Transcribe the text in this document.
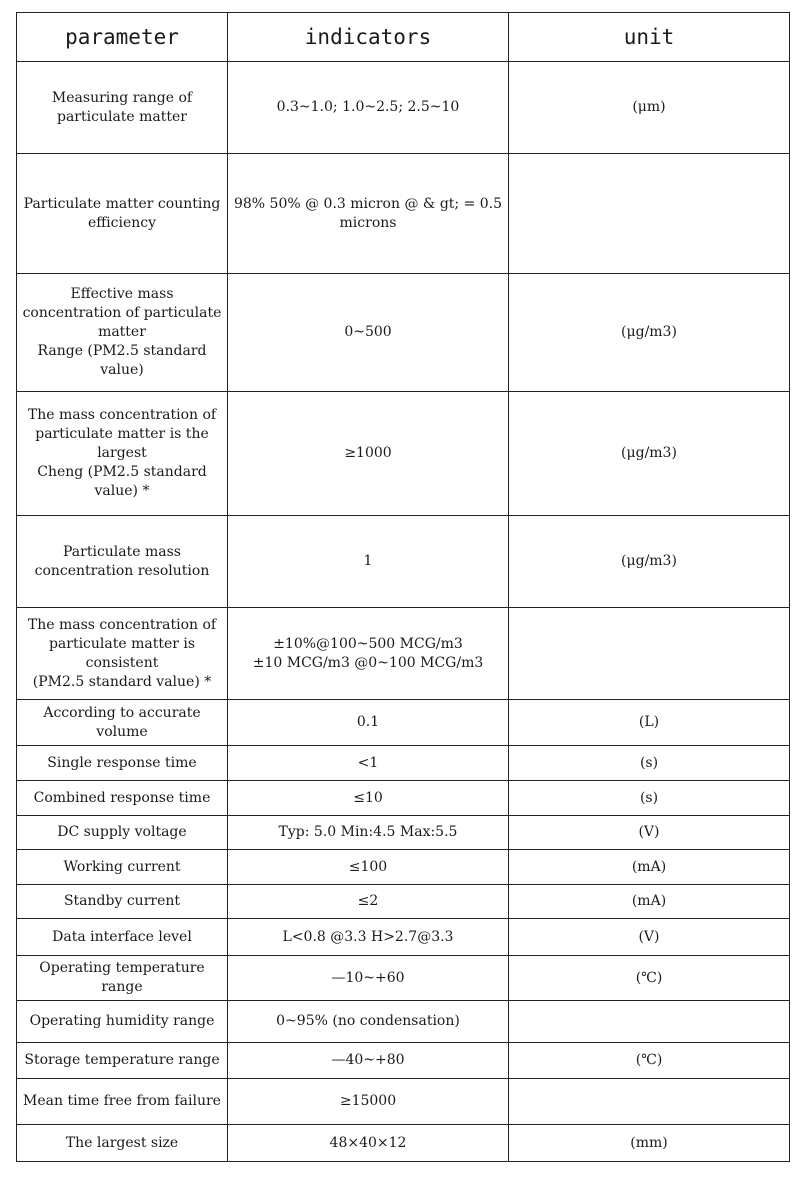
parameter	indicators	unit
Measuring range of particulate matter	0.3~1.0; 1.0~2.5; 2.5~10	(μm)
Particulate matter counting efficiency	98% 50% @ 0.3 micron @ & gt; = 0.5 microns	
Effective mass concentration of particulate matter
Range (PM2.5 standard value)	0~500	(μg/m3)
The mass concentration of particulate matter is the largest
Cheng (PM2.5 standard value) *	≥1000	(μg/m3)
Particulate mass concentration resolution	1	(μg/m3)
The mass concentration of particulate matter is consistent
(PM2.5 standard value) *	±10%@100~500 MCG/m3
±10 MCG/m3 @0~100 MCG/m3	
According to accurate volume	0.1	(L)
Single response time	<1	(s)
Combined response time	≤10	(s)
DC supply voltage	Typ: 5.0 Min:4.5 Max:5.5	(V)
Working current	≤100	(mA)
Standby current	≤2	(mA)
Data interface level	L<0.8 @3.3 H>2.7@3.3	(V)
Operating temperature range	—10~+60	(℃)
Operating humidity range	0~95% (no condensation)	
Storage temperature range	—40~+80	(℃)
Mean time free from failure	≥15000	
The largest size	48×40×12	(mm)
